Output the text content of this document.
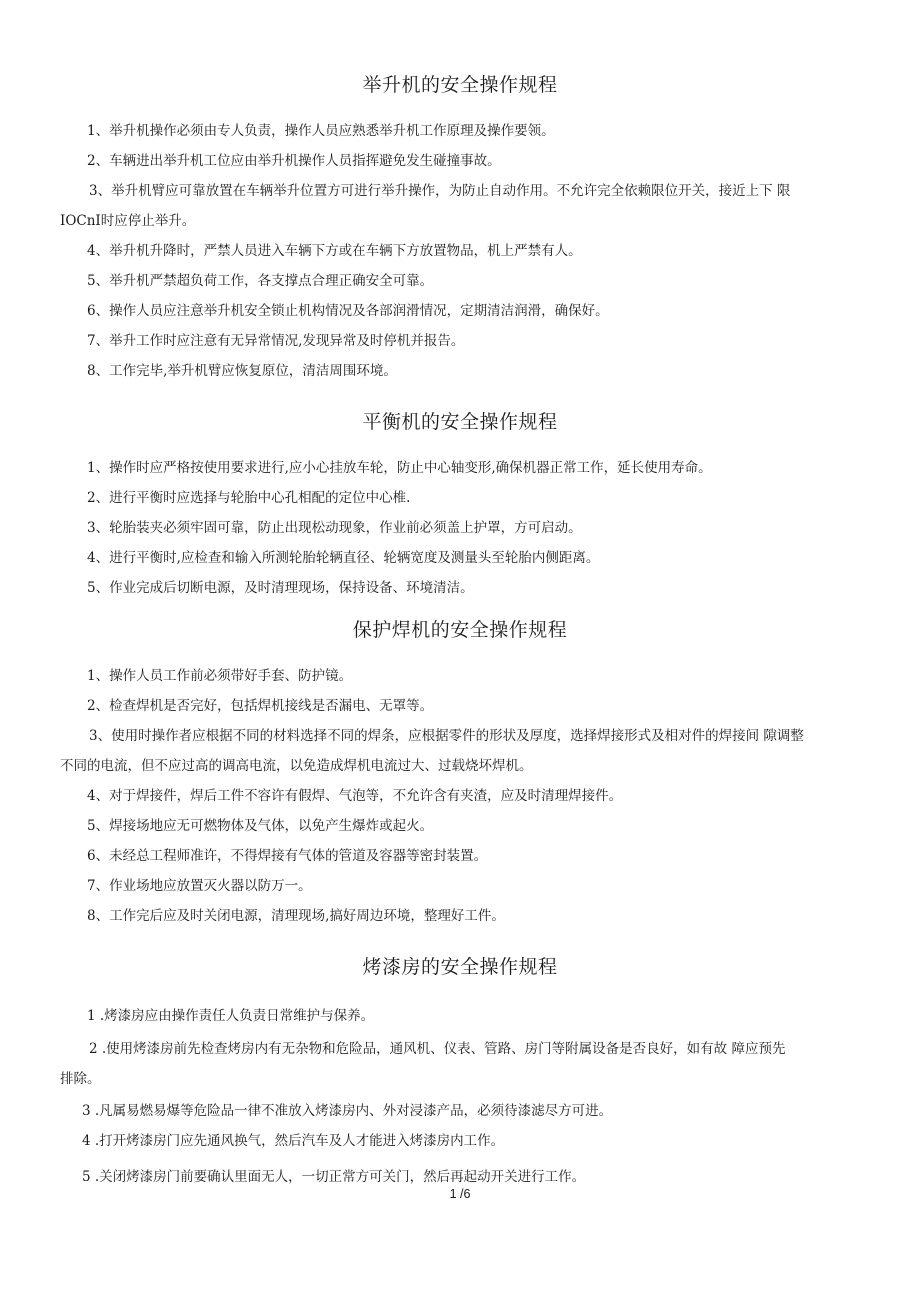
举升机的安全操作规程
1、举升机操作必须由专人负责，操作人员应熟悉举升机工作原理及操作要领。
2、车辆进出举升机工位应由举升机操作人员指挥避免发生碰撞事故。
3、举升机臂应可靠放置在车辆举升位置方可进行举升操作，为防止自动作用。不允许完全依赖限位开关，接近上下 限
IOCnI时应停止举升。
4、举升机升降时，严禁人员进入车辆下方或在车辆下方放置物品，机上严禁有人。
5、举升机严禁超负荷工作，各支撑点合理正确安全可靠。
6、操作人员应注意举升机安全锁止机构情况及各部润滑情况，定期清洁润滑，确保好。
7、举升工作时应注意有无异常情况,发现异常及时停机并报告。
8、工作完毕,举升机臂应恢复原位，清洁周围环境。
平衡机的安全操作规程
1、操作时应严格按使用要求进行,应小心挂放车轮，防止中心轴变形,确保机器正常工作，延长使用寿命。
2、进行平衡时应选择与轮胎中心孔相配的定位中心椎.
3、轮胎装夹必须牢固可靠，防止出现松动现象，作业前必须盖上护罩，方可启动。
4、进行平衡时,应检查和输入所测轮胎轮辆直径、轮辆宽度及测量头至轮胎内侧距离。
5、作业完成后切断电源，及时清理现场，保持设备、环境清洁。
保护焊机的安全操作规程
1、操作人员工作前必须带好手套、防护镜。
2、检查焊机是否完好，包括焊机接线是否漏电、无罩等。
3、使用时操作者应根据不同的材料选择不同的焊条，应根据零件的形状及厚度，选择焊接形式及相对件的焊接间 隙调整
不同的电流，但不应过高的调高电流，以免造成焊机电流过大、过载烧坏焊机。
4、对于焊接件，焊后工件不容许有假焊、气泡等，不允许含有夹渣，应及时清理焊接件。
5、焊接场地应无可燃物体及气体，以免产生爆炸或起火。
6、未经总工程师准许，不得焊接有气体的管道及容器等密封装置。
7、作业场地应放置灭火器以防万一。
8、工作完后应及时关闭电源，清理现场,搞好周边环境，整理好工件。
烤漆房的安全操作规程
1 .烤漆房应由操作责任人负责日常维护与保养。
2 .使用烤漆房前先检查烤房内有无杂物和危险品，通风机、仪表、管路、房门等附属设备是否良好，如有故 障应预先
排除。
3 .凡属易燃易爆等危险品一律不准放入烤漆房内、外对浸漆产品，必须待漆滤尽方可进。
4 .打开烤漆房门应先通风换气，然后汽车及人才能进入烤漆房内工作。
5 .关闭烤漆房门前要确认里面无人，一切正常方可关门，然后再起动开关进行工作。
1 /6
